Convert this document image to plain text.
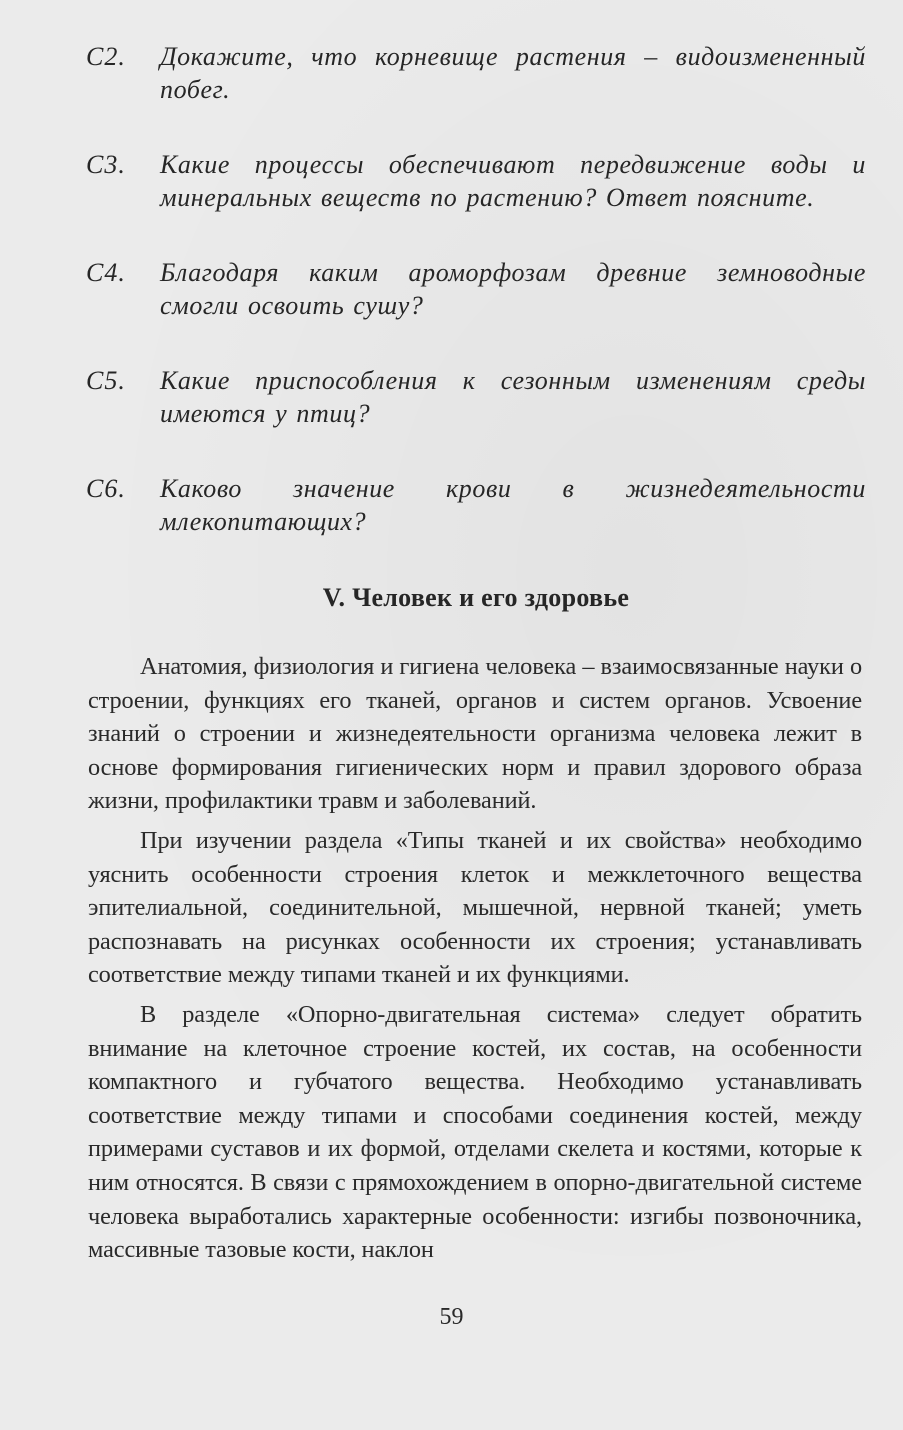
С2.	Докажите, что корневище растения – видоизмененный побег.
С3.	Какие процессы обеспечивают передвижение воды и минеральных веществ по растению? Ответ поясните.
С4.	Благодаря каким ароморфозам древние земноводные смогли освоить сушу?
С5.	Какие приспособления к сезонным изменениям среды имеются у птиц?
С6.	Каково значение крови в жизнедеятельности млекопитающих?
V. Человек и его здоровье

Анатомия, физиология и гигиена человека – взаимосвязанные науки о строении, функциях его тканей, органов и систем органов. Усвоение знаний о строении и жизнедеятельности организма человека лежит в основе формирования гигиенических норм и правил здорового образа жизни, профилактики травм и заболеваний.

При изучении раздела «Типы тканей и их свойства» необходимо уяснить особенности строения клеток и межклеточного вещества эпителиальной, соединительной, мышечной, нервной тканей; уметь распознавать на рисунках особенности их строения; устанавливать соответствие между типами тканей и их функциями.

В разделе «Опорно-двигательная система» следует обратить внимание на клеточное строение костей, их состав, на особенности компактного и губчатого вещества. Необходимо устанавливать соответствие между типами и способами соединения костей, между примерами суставов и их формой, отделами скелета и костями, которые к ним относятся. В связи с прямохождением в опорно-двигательной системе человека выработались характерные особенности: изгибы позвоночника, массивные тазовые кости, наклон

59
